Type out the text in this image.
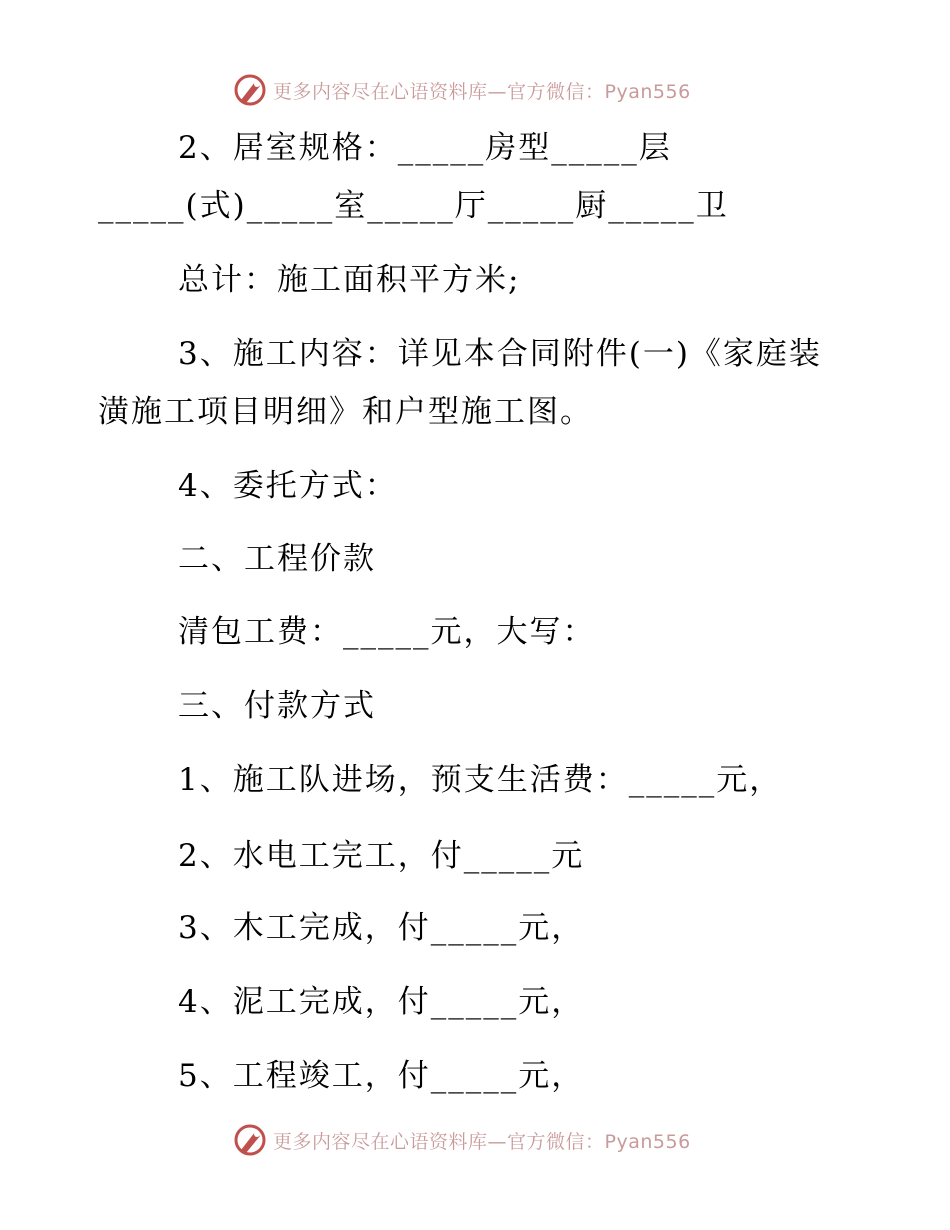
更多内容尽在心语资料库—官方微信：Pyan556
2、居室规格：_____房型_____层
_____(式)_____室_____厅_____厨_____卫
总计：施工面积平方米;
3、施工内容：详见本合同附件(一)《家庭装
潢施工项目明细》和户型施工图。
4、委托方式：
二、工程价款
清包工费：_____元，大写：
三、付款方式
1、施工队进场，预支生活费：_____元，
2、水电工完工，付_____元
3、木工完成，付_____元，
4、泥工完成，付_____元，
5、工程竣工，付_____元，
更多内容尽在心语资料库—官方微信：Pyan556
